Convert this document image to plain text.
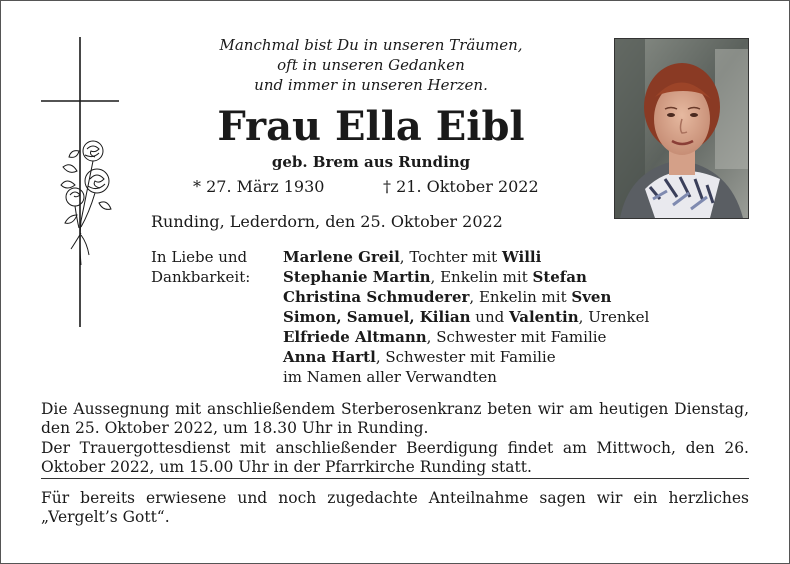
Manchmal bist Du in unseren Träumen,
oft in unseren Gedanken
und immer in unseren Herzen.
Frau Ella Eibl
geb. Brem aus Runding
* 27. März 1930	† 21. Oktober 2022
Runding, Lederdorn, den 25. Oktober 2022
In Liebe und
Dankbarkeit:
Marlene Greil, Tochter mit Willi
Stephanie Martin, Enkelin mit Stefan
Christina Schmuderer, Enkelin mit Sven
Simon, Samuel, Kilian und Valentin, Urenkel
Elfriede Altmann, Schwester mit Familie
Anna Hartl, Schwester mit Familie
im Namen aller Verwandten
Die Aussegnung mit anschließendem Sterberosenkranz beten wir am heutigen Dienstag, den 25. Oktober 2022, um 18.30 Uhr in Runding.
Der Trauergottesdienst mit anschließender Beerdigung findet am Mittwoch, den 26. Oktober 2022, um 15.00 Uhr in der Pfarrkirche Runding statt.
Für bereits erwiesene und noch zugedachte Anteilnahme sagen wir ein herzliches „Vergelt’s Gott“.
